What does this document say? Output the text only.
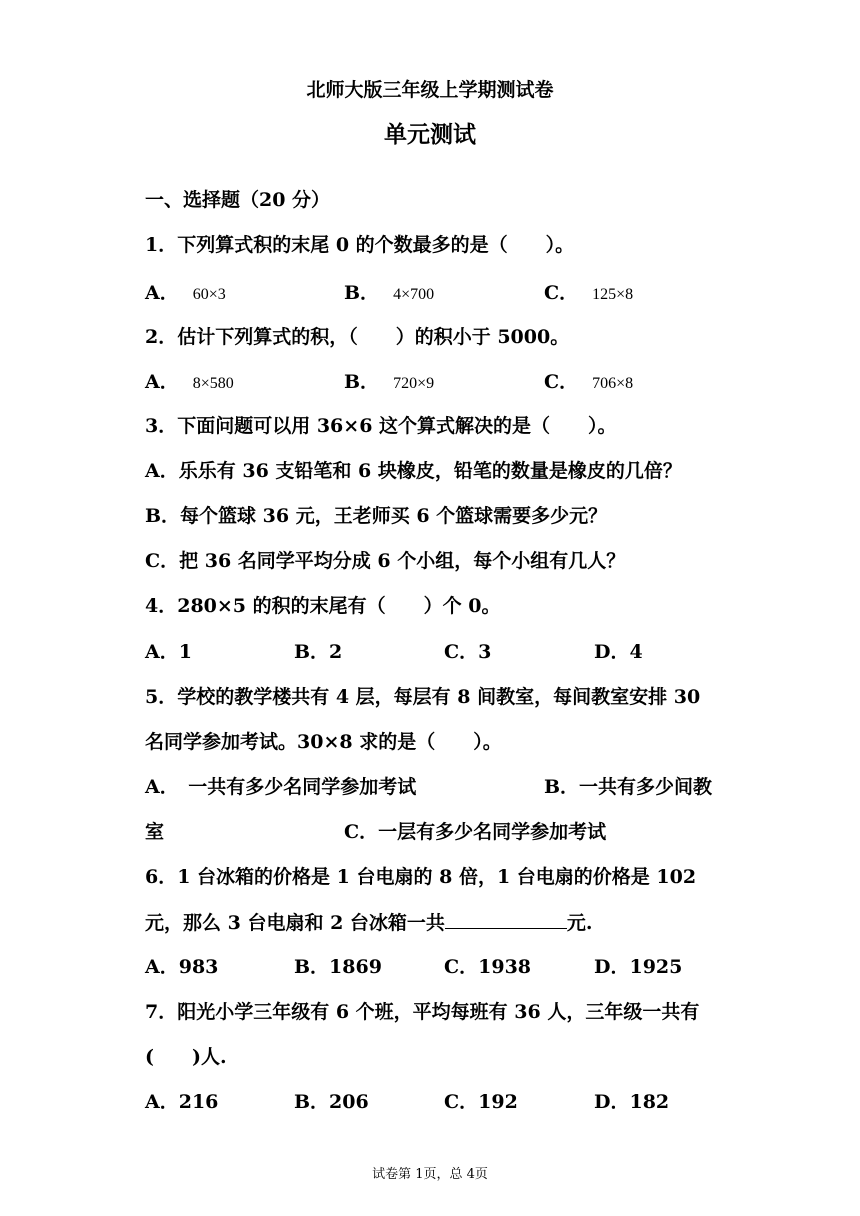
北师大版三年级上学期测试卷
单元测试
一、选择题（20 分）
1．下列算式积的末尾 0 的个数最多的是（　　）。
A． 60×3	B． 4×700	C． 125×8
2．估计下列算式的积，（　　）的积小于 5000。
A． 8×580	B． 720×9	C． 706×8
3．下面问题可以用 36×6 这个算式解决的是（　　）。
A．乐乐有 36 支铅笔和 6 块橡皮，铅笔的数量是橡皮的几倍？
B．每个篮球 36 元，王老师买 6 个篮球需要多少元？
C．把 36 名同学平均分成 6 个小组，每个小组有几人？
4．280×5 的积的末尾有（　　）个 0。
A．1	B．2	C．3	D．4
5．学校的教学楼共有 4 层，每层有 8 间教室，每间教室安排 30
名同学参加考试。30×8 求的是（　　）。
A．　一共有多少名同学参加考试	B．一共有多少间教
室	C．一层有多少名同学参加考试
6．1 台冰箱的价格是 1 台电扇的 8 倍，1 台电扇的价格是 102
元，那么 3 台电扇和 2 台冰箱一共	元.
A．983	B．1869	C．1938	D．1925
7．阳光小学三年级有 6 个班，平均每班有 36 人，三年级一共有
(　　)人.
A．216	B．206	C．192	D．182
试卷第 1页，总 4页
